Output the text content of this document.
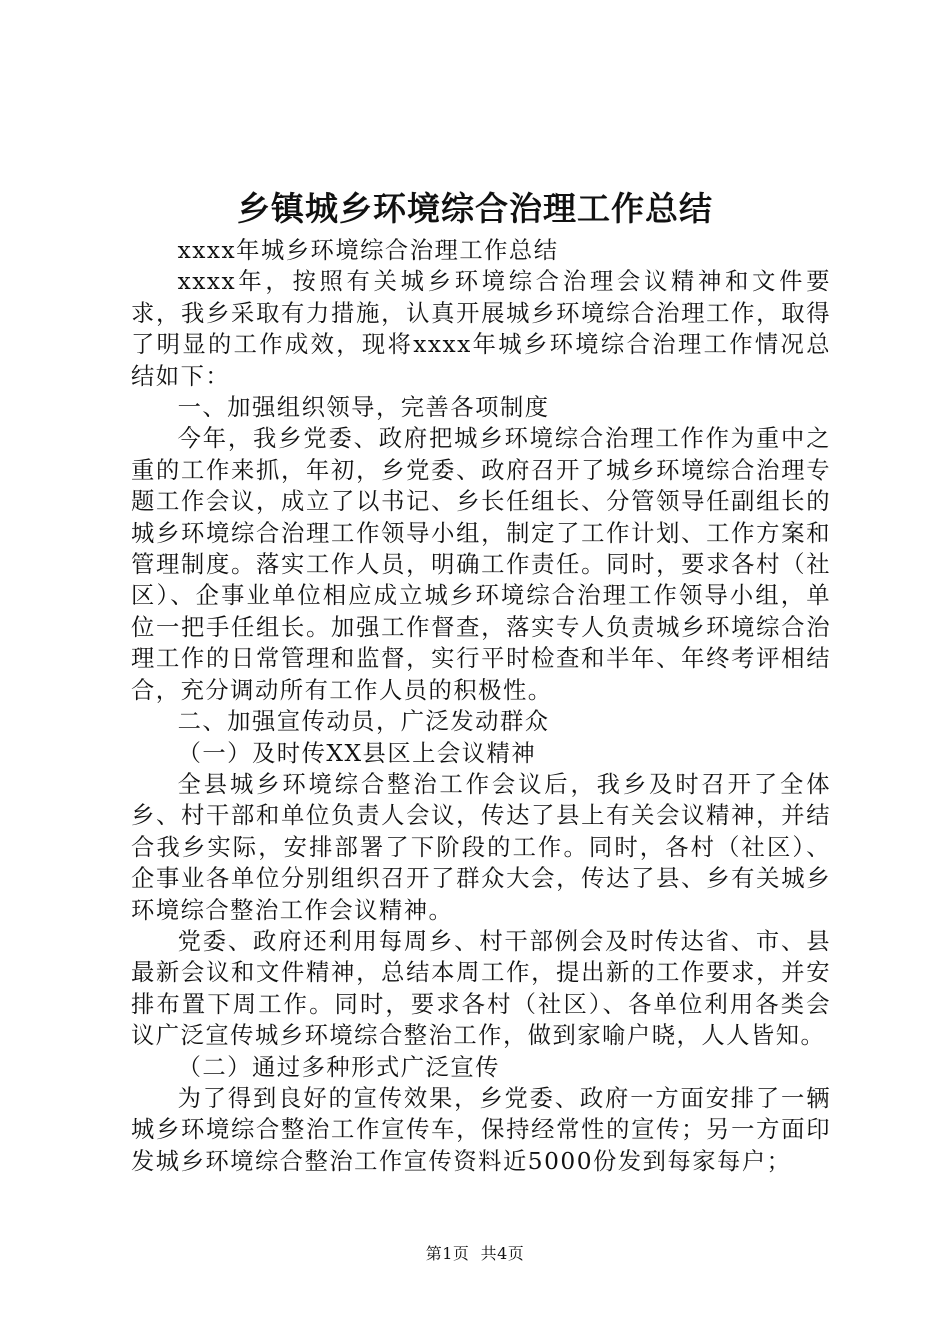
乡镇城乡环境综合治理工作总结

xxxx年城乡环境综合治理工作总结

xxxx年，按照有关城乡环境综合治理会议精神和文件要求，我乡采取有力措施，认真开展城乡环境综合治理工作，取得了明显的工作成效，现将xxxx年城乡环境综合治理工作情况总结如下：

一、加强组织领导，完善各项制度

今年，我乡党委、政府把城乡环境综合治理工作作为重中之重的工作来抓，年初，乡党委、政府召开了城乡环境综合治理专题工作会议，成立了以书记、乡长任组长、分管领导任副组长的城乡环境综合治理工作领导小组，制定了工作计划、工作方案和管理制度。落实工作人员，明确工作责任。同时，要求各村（社区）、企事业单位相应成立城乡环境综合治理工作领导小组，单位一把手任组长。加强工作督查，落实专人负责城乡环境综合治理工作的日常管理和监督，实行平时检查和半年、年终考评相结合，充分调动所有工作人员的积极性。

二、加强宣传动员，广泛发动群众

（一）及时传XX县区上会议精神

全县城乡环境综合整治工作会议后，我乡及时召开了全体乡、村干部和单位负责人会议，传达了县上有关会议精神，并结合我乡实际，安排部署了下阶段的工作。同时，各村（社区）、企事业各单位分别组织召开了群众大会，传达了县、乡有关城乡环境综合整治工作会议精神。

党委、政府还利用每周乡、村干部例会及时传达省、市、县最新会议和文件精神，总结本周工作，提出新的工作要求，并安排布置下周工作。同时，要求各村（社区）、各单位利用各类会议广泛宣传城乡环境综合整治工作，做到家喻户晓，人人皆知。

（二）通过多种形式广泛宣传

为了得到良好的宣传效果，乡党委、政府一方面安排了一辆城乡环境综合整治工作宣传车，保持经常性的宣传；另一方面印发城乡环境综合整治工作宣传资料近5000份发到每家每户；

第1页 共4页
